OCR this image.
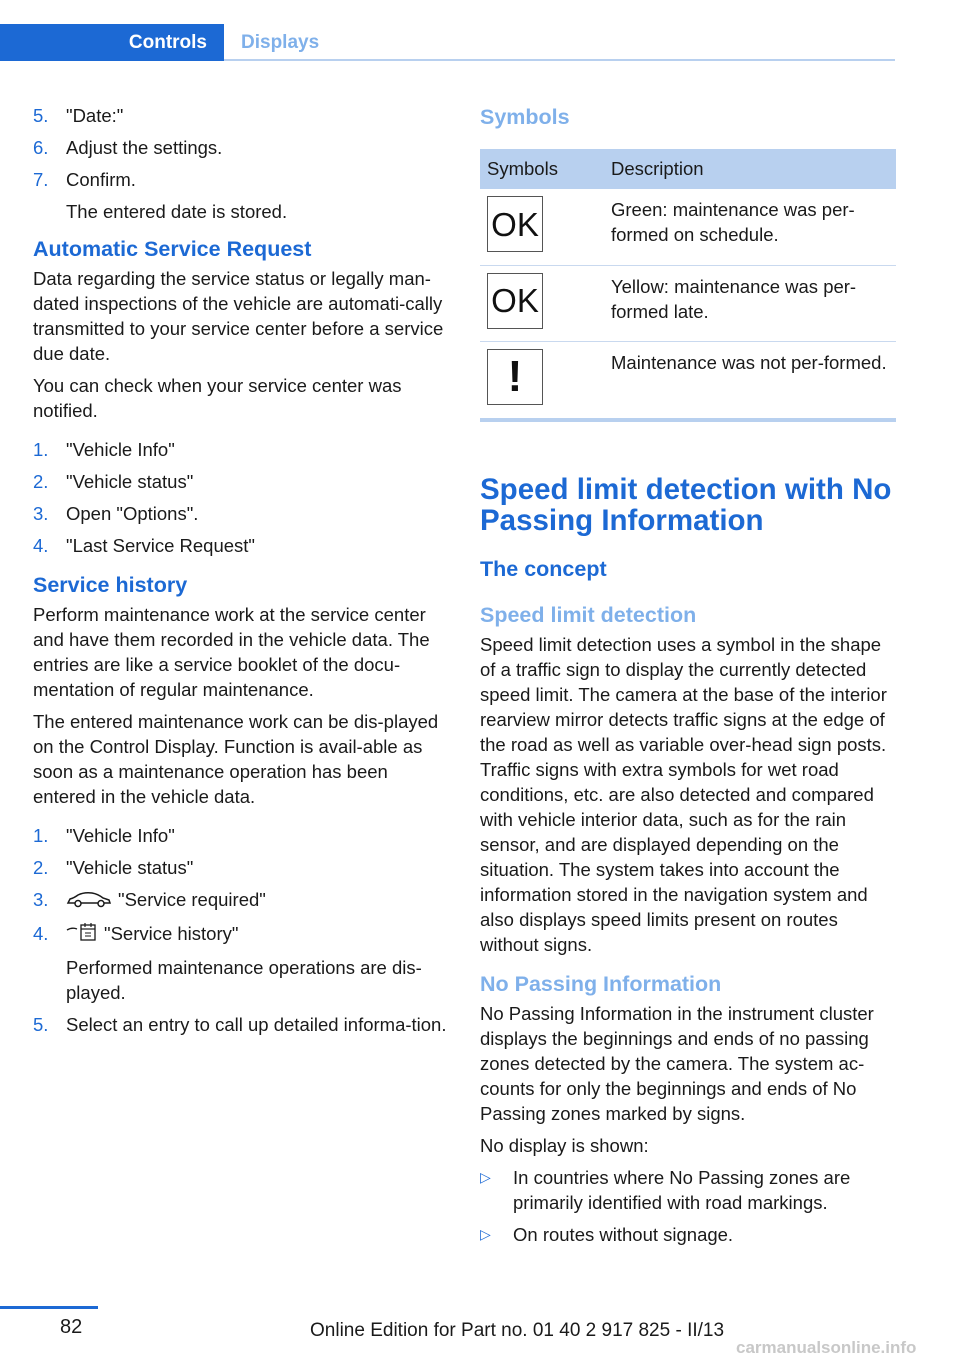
Controls	Displays
5. "Date:"
6. Adjust the settings.
7. Confirm.
The entered date is stored.
Automatic Service Request

Data regarding the service status or legally man‐dated inspections of the vehicle are automati‐cally transmitted to your service center before a service due date.

You can check when your service center was notified.

1. "Vehicle Info"
2. "Vehicle status"
3. Open "Options".
4. "Last Service Request"
Service history

Perform maintenance work at the service center and have them recorded in the vehicle data. The entries are like a service booklet of the docu‐mentation of regular maintenance.

The entered maintenance work can be dis‐played on the Control Display. Function is avail‐able as soon as a maintenance operation has been entered in the vehicle data.

1. "Vehicle Info"
2. "Vehicle status"
3.	"Service required"
4.	"Service history"
Performed maintenance operations are dis‐played.
5. Select an entry to call up detailed informa‐tion.
Symbols
Symbols	Description

OK	Green: maintenance was per‐formed on schedule.

OK	Yellow: maintenance was per‐formed late.

!	Maintenance was not per‐formed.
Speed limit detection with No Passing Information
The concept
Speed limit detection

Speed limit detection uses a symbol in the shape of a traffic sign to display the currently detected speed limit. The camera at the base of the interior rearview mirror detects traffic signs at the edge of the road as well as variable over‐head sign posts. Traffic signs with extra symbols for wet road conditions, etc. are also detected and compared with vehicle interior data, such as for the rain sensor, and are displayed depending on the situation. The system takes into account the information stored in the navigation system and also displays speed limits present on routes without signs.

No Passing Information

No Passing Information in the instrument cluster displays the beginnings and ends of no passing zones detected by the camera. The system ac‐counts for only the beginnings and ends of No Passing zones marked by signs.

No display is shown:

▷ In countries where No Passing zones are primarily identified with road markings.
▷ On routes without signage.
82	Online Edition for Part no. 01 40 2 917 825 - II/13
carmanualsonline.info
